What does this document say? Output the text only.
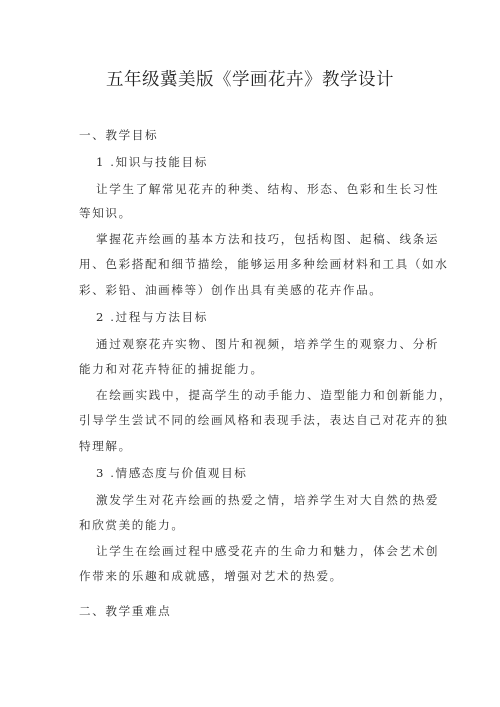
五年级冀美版《学画花卉》教学设计
一、教学目标
1 .知识与技能目标
让学生了解常见花卉的种类、结构、形态、色彩和生长习性
等知识。
掌握花卉绘画的基本方法和技巧，包括构图、起稿、线条运
用、色彩搭配和细节描绘，能够运用多种绘画材料和工具（如水
彩、彩铅、油画棒等）创作出具有美感的花卉作品。
2 .过程与方法目标
通过观察花卉实物、图片和视频，培养学生的观察力、分析
能力和对花卉特征的捕捉能力。
在绘画实践中，提高学生的动手能力、造型能力和创新能力，
引导学生尝试不同的绘画风格和表现手法，表达自己对花卉的独
特理解。
3 .情感态度与价值观目标
激发学生对花卉绘画的热爱之情，培养学生对大自然的热爱
和欣赏美的能力。
让学生在绘画过程中感受花卉的生命力和魅力，体会艺术创
作带来的乐趣和成就感，增强对艺术的热爱。
二、教学重难点
